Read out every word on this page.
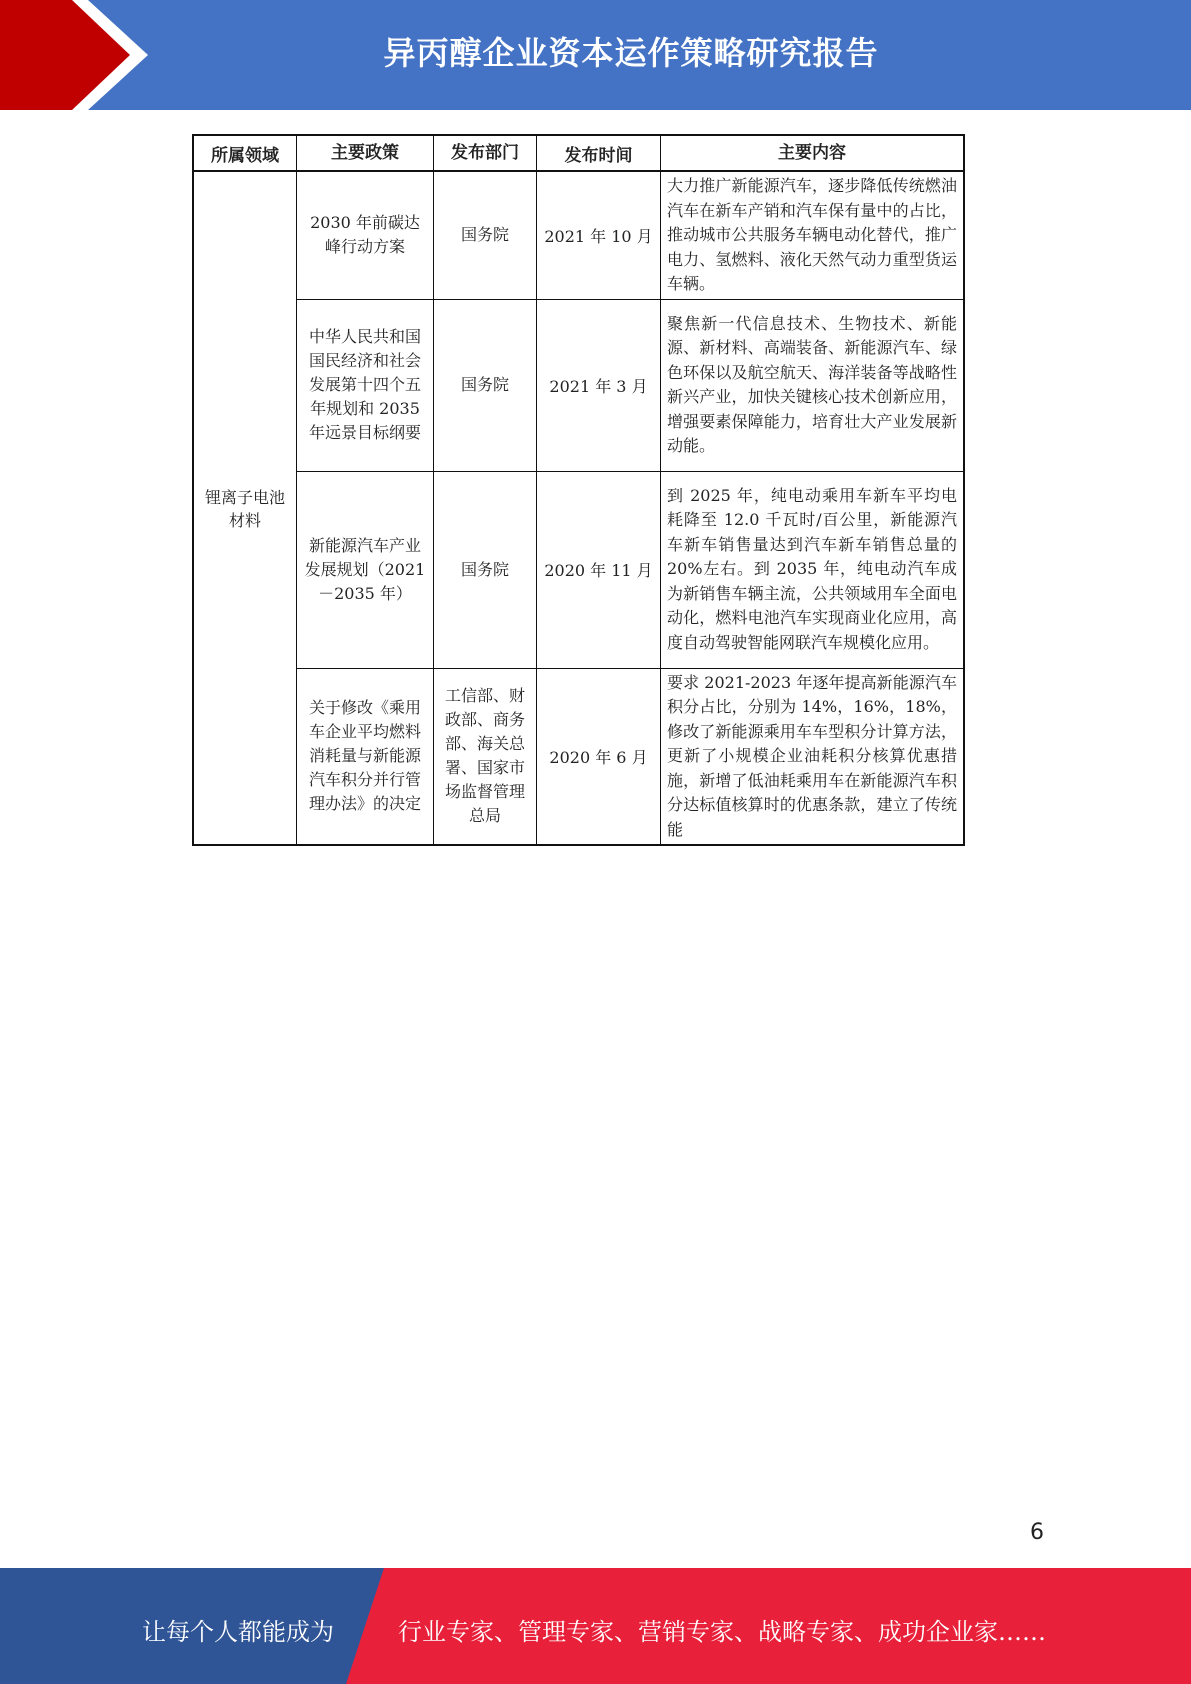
异丙醇企业资本运作策略研究报告
所属领域	主要政策	发布部门	发布时间	主要内容
锂离子电池材料	2030 年前碳达峰行动方案	国务院	2021 年 10 月	大力推广新能源汽车，逐步降低传统燃油汽车在新车产销和汽车保有量中的占比，推动城市公共服务车辆电动化替代，推广电力、氢燃料、液化天然气动力重型货运车辆。
	中华人民共和国国民经济和社会发展第十四个五年规划和 2035 年远景目标纲要	国务院	2021 年 3 月	聚焦新一代信息技术、生物技术、新能源、新材料、高端装备、新能源汽车、绿色环保以及航空航天、海洋装备等战略性新兴产业，加快关键核心技术创新应用，增强要素保障能力，培育壮大产业发展新动能。
	新能源汽车产业发展规划（2021－2035 年）	国务院	2020 年 11 月	到 2025 年，纯电动乘用车新车平均电耗降至 12.0 千瓦时/百公里，新能源汽车新车销售量达到汽车新车销售总量的 20%左右。到 2035 年，纯电动汽车成为新销售车辆主流，公共领域用车全面电动化，燃料电池汽车实现商业化应用，高度自动驾驶智能网联汽车规模化应用。
	关于修改《乘用车企业平均燃料消耗量与新能源汽车积分并行管理办法》的决定	工信部、财政部、商务部、海关总署、国家市场监督管理总局	2020 年 6 月	要求 2021-2023 年逐年提高新能源汽车积分占比，分别为 14%，16%，18%，修改了新能源乘用车车型积分计算方法，更新了小规模企业油耗积分核算优惠措施，新增了低油耗乘用车在新能源汽车积分达标值核算时的优惠条款，建立了传统能
6
让每个人都能成为	行业专家、管理专家、营销专家、战略专家、成功企业家……
